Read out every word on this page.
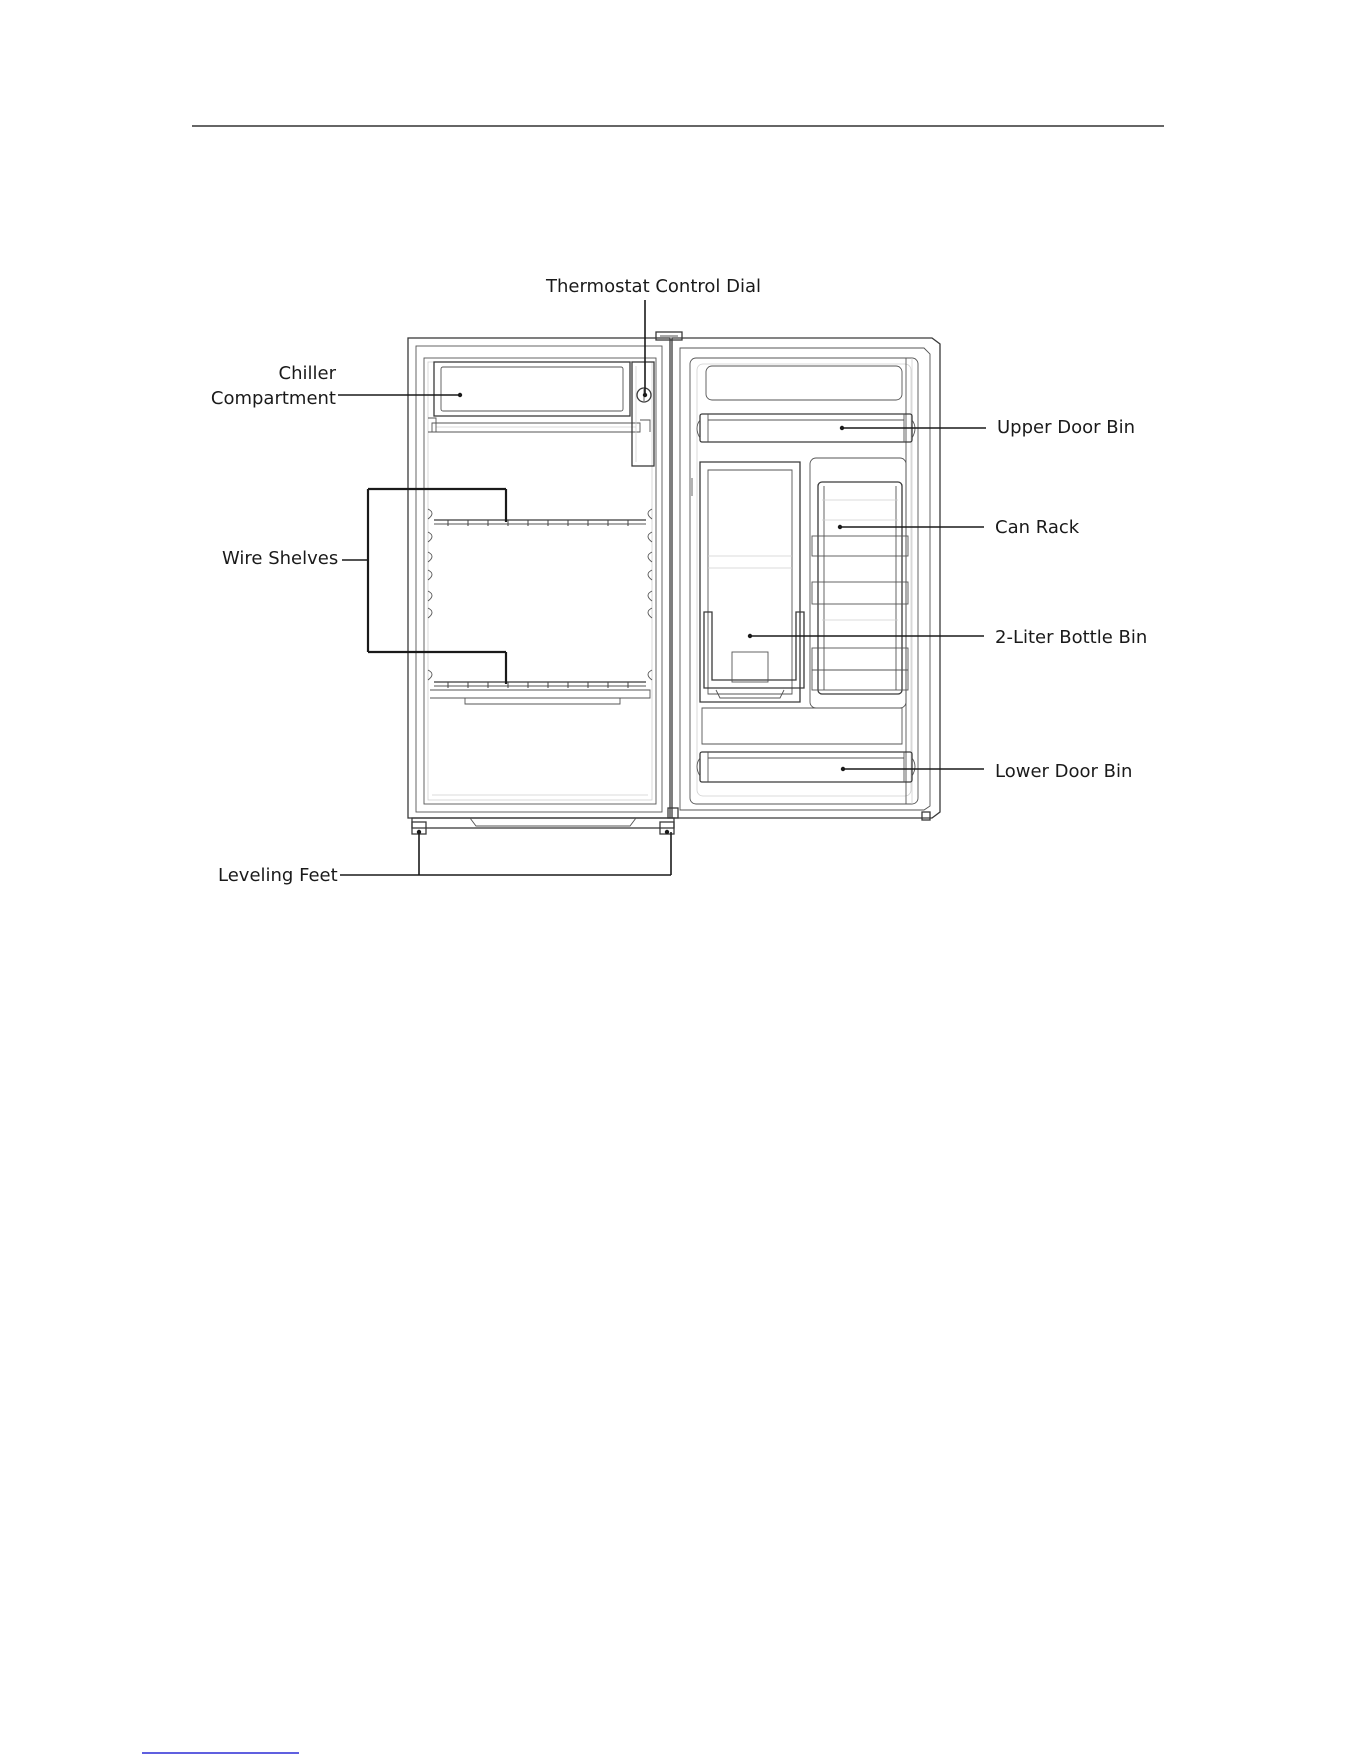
Thermostat Control Dial
Chiller
Compartment
Wire Shelves
Leveling Feet
Upper Door Bin
Can Rack
2-Liter Bottle Bin
Lower Door Bin
